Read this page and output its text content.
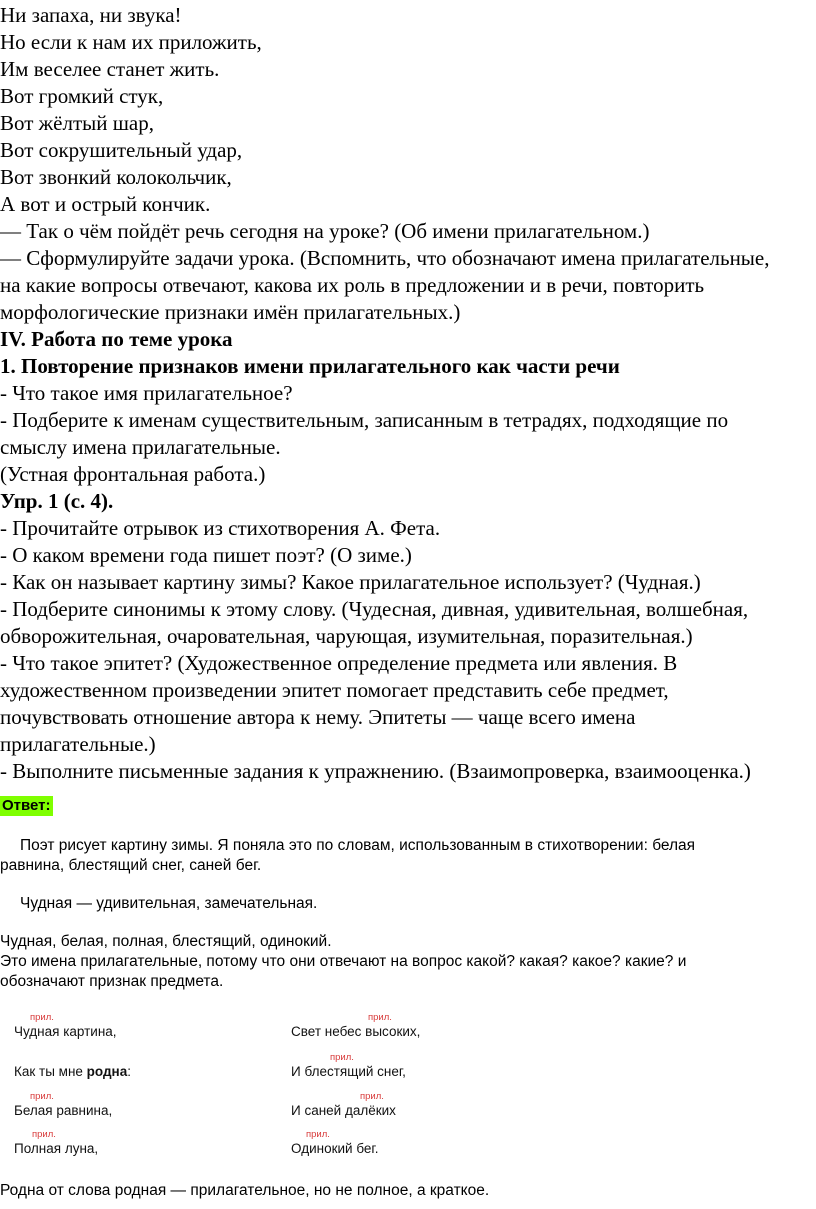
Ни запаха, ни звука!
Но если к нам их приложить,
Им веселее станет жить.
Вот громкий стук,
Вот жёлтый шар,
Вот сокрушительный удар,
Вот звонкий колокольчик,
А вот и острый кончик.
— Так о чём пойдёт речь сегодня на уроке? (Об имени прилагательном.)
— Сформулируйте задачи урока. (Вспомнить, что обозначают имена прилагательные,
на какие вопросы отвечают, какова их роль в предложении и в речи, повторить
морфологические признаки имён прилагательных.)
IV. Работа по теме урока
1. Повторение признаков имени прилагательного как части речи
- Что такое имя прилагательное?
- Подберите к именам существительным, записанным в тетрадях, подходящие по
смыслу имена прилагательные.
(Устная фронтальная работа.)
Упр. 1 (с. 4).
- Прочитайте отрывок из стихотворения А. Фета.
- О каком времени года пишет поэт? (О зиме.)
- Как он называет картину зимы? Какое прилагательное использует? (Чудная.)
- Подберите синонимы к этому слову. (Чудесная, дивная, удивительная, волшебная,
обворожительная, очаровательная, чарующая, изумительная, поразительная.)
- Что такое эпитет? (Художественное определение предмета или явления. В
художественном произведении эпитет помогает представить себе предмет,
почувствовать отношение автора к нему. Эпитеты — чаще всего имена
прилагательные.)
- Выполните письменные задания к упражнению. (Взаимопроверка, взаимооценка.)
Ответ:
Поэт рисует картину зимы. Я поняла это по словам, использованным в стихотворении: белая
равнина, блестящий снег, саней бег.
Чудная — удивительная, замечательная.
Чудная, белая, полная, блестящий, одинокий.
Это имена прилагательные, потому что они отвечают на вопрос какой? какая? какое? какие? и
обозначают признак предмета.
прил.
Чудная картина,
Как ты мне родна:
прил.
Белая равнина,
прил.
Полная луна,
прил.
Свет небес высоких,
прил.
И блестящий снег,
прил.
И саней далёких
прил.
Одинокий бег.
Родна от слова родная — прилагательное, но не полное, а краткое.
